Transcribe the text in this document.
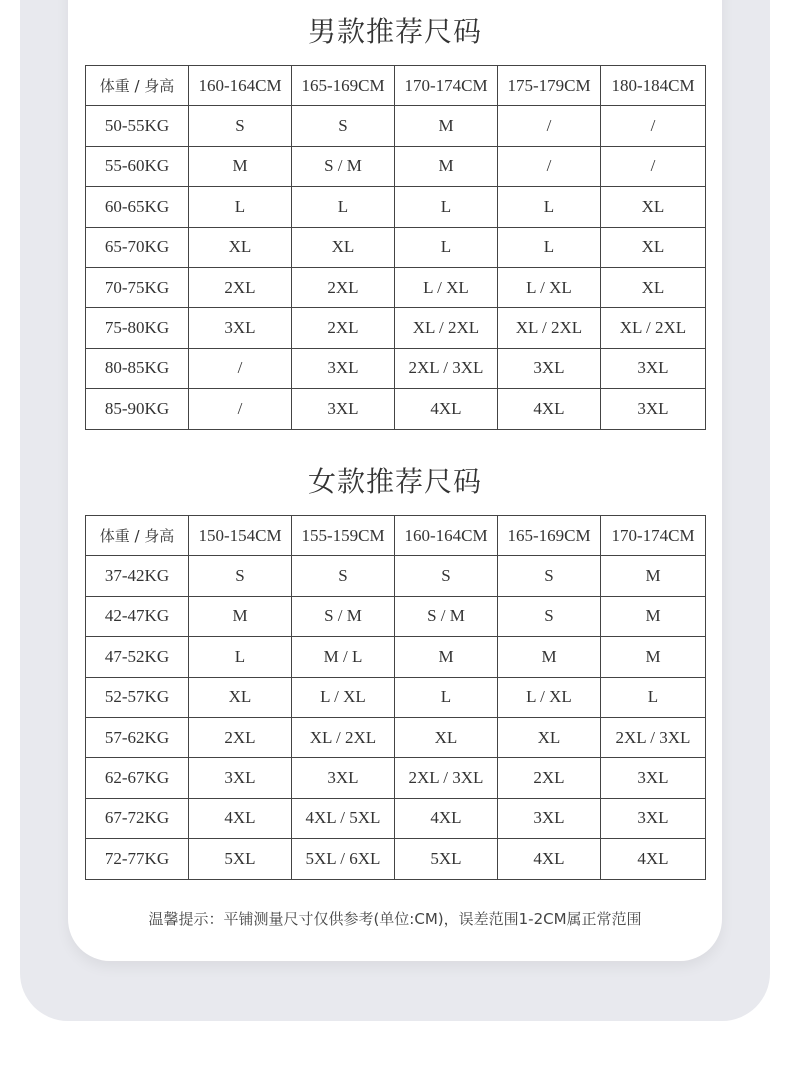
男款推荐尺码
体重 / 身高	160-164CM	165-169CM	170-174CM	175-179CM	180-184CM
50-55KG	S	S	M	/	/
55-60KG	M	S / M	M	/	/
60-65KG	L	L	L	L	XL
65-70KG	XL	XL	L	L	XL
70-75KG	2XL	2XL	L / XL	L / XL	XL
75-80KG	3XL	2XL	XL / 2XL	XL / 2XL	XL / 2XL
80-85KG	/	3XL	2XL / 3XL	3XL	3XL
85-90KG	/	3XL	4XL	4XL	3XL
女款推荐尺码
体重 / 身高	150-154CM	155-159CM	160-164CM	165-169CM	170-174CM
37-42KG	S	S	S	S	M
42-47KG	M	S / M	S / M	S	M
47-52KG	L	M / L	M	M	M
52-57KG	XL	L / XL	L	L / XL	L
57-62KG	2XL	XL / 2XL	XL	XL	2XL / 3XL
62-67KG	3XL	3XL	2XL / 3XL	2XL	3XL
67-72KG	4XL	4XL / 5XL	4XL	3XL	3XL
72-77KG	5XL	5XL / 6XL	5XL	4XL	4XL
温馨提示：平铺测量尺寸仅供参考(单位:CM)，误差范围1-2CM属正常范围
